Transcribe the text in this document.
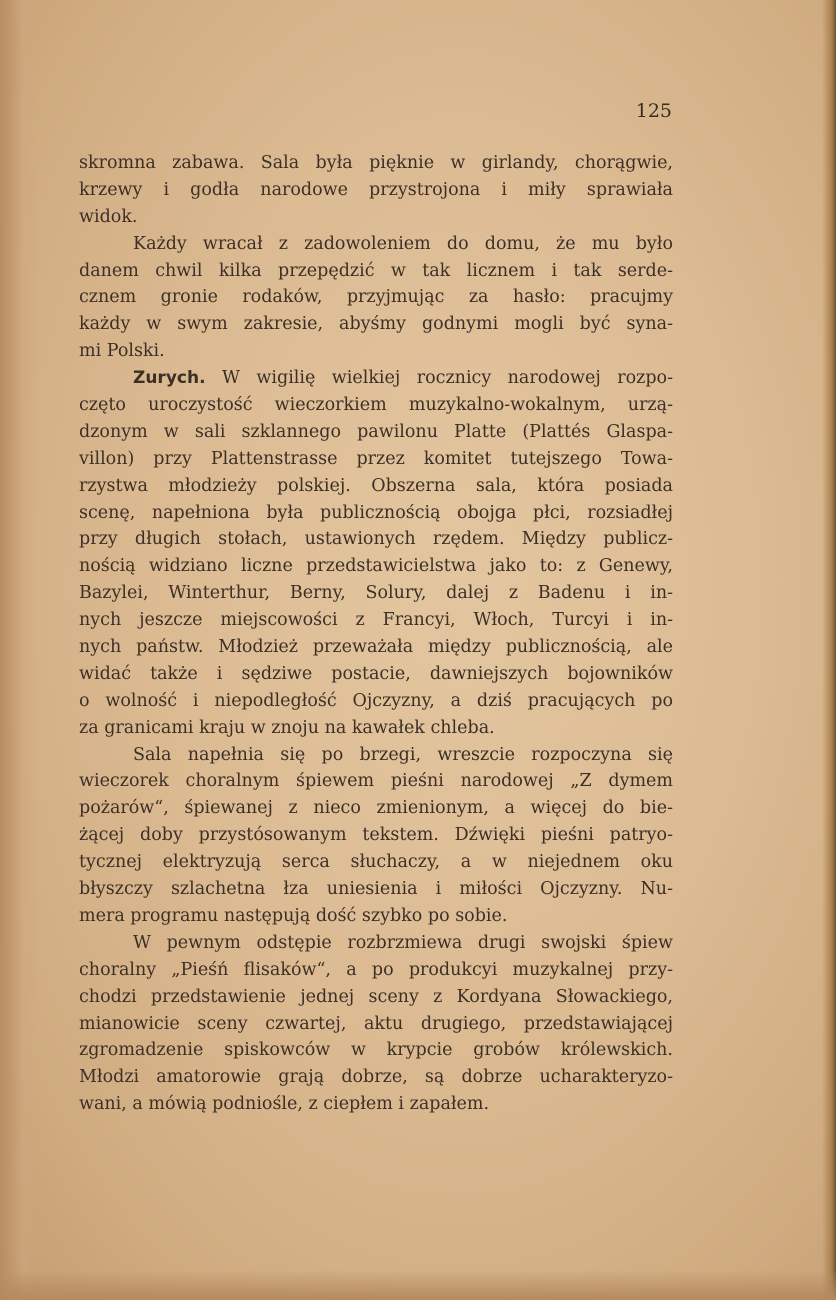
125
skromna zabawa. Sala była pięknie w girlandy, chorągwie,
krzewy i godła narodowe przystrojona i miły sprawiała
widok.
Każdy wracał z zadowoleniem do domu, że mu było
danem chwil kilka przepędzić w tak licznem i tak serde-
cznem gronie rodaków, przyjmując za hasło: pracujmy
każdy w swym zakresie, abyśmy godnymi mogli być syna-
mi Polski.
Zurych. W wigilię wielkiej rocznicy narodowej rozpo-
częto uroczystość wieczorkiem muzykalno-wokalnym, urzą-
dzonym w sali szklannego pawilonu Platte (Plattés Glaspa-
villon) przy Plattenstrasse przez komitet tutejszego Towa-
rzystwa młodzieży polskiej. Obszerna sala, która posiada
scenę, napełniona była publicznością obojga płci, rozsiadłej
przy długich stołach, ustawionych rzędem. Między publicz-
nością widziano liczne przedstawicielstwa jako to: z Genewy,
Bazylei, Winterthur, Berny, Solury, dalej z Badenu i in-
nych jeszcze miejscowości z Francyi, Włoch, Turcyi i in-
nych państw. Młodzież przeważała między publicznością, ale
widać także i sędziwe postacie, dawniejszych bojowników
o wolność i niepodległość Ojczyzny, a dziś pracujących po
za granicami kraju w znoju na kawałek chleba.
Sala napełnia się po brzegi, wreszcie rozpoczyna się
wieczorek choralnym śpiewem pieśni narodowej „Z dymem
pożarów“, śpiewanej z nieco zmienionym, a więcej do bie-
żącej doby przystósowanym tekstem. Dźwięki pieśni patryo-
tycznej elektryzują serca słuchaczy, a w niejednem oku
błyszczy szlachetna łza uniesienia i miłości Ojczyzny. Nu-
mera programu następują dość szybko po sobie.
W pewnym odstępie rozbrzmiewa drugi swojski śpiew
choralny „Pieśń flisaków“, a po produkcyi muzykalnej przy-
chodzi przedstawienie jednej sceny z Kordyana Słowackiego,
mianowicie sceny czwartej, aktu drugiego, przedstawiającej
zgromadzenie spiskowców w krypcie grobów królewskich.
Młodzi amatorowie grają dobrze, są dobrze ucharakteryzo-
wani, a mówią podniośle, z ciepłem i zapałem.
